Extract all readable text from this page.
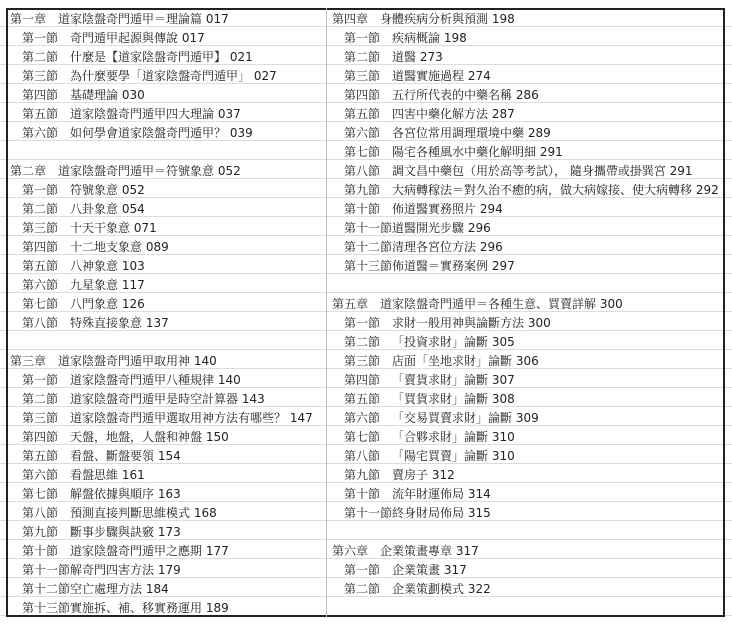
第一章 道家陰盤奇門遁甲＝理論篇 017
第一節 奇門遁甲起源與傳說 017
第二節 什麼是【道家陰盤奇門遁甲】 021
第三節 為什麼要學「道家陰盤奇門遁甲」 027
第四節 基礎理論 030
第五節 道家陰盤奇門遁甲四大理論 037
第六節 如何學會道家陰盤奇門遁甲？ 039
第二章 道家陰盤奇門遁甲＝符號象意 052
第一節 符號象意 052
第二節 八卦象意 054
第三節 十天干象意 071
第四節 十二地支象意 089
第五節 八神象意 103
第六節 九星象意 117
第七節 八門象意 126
第八節 特殊直接象意 137
第三章 道家陰盤奇門遁甲取用神 140
第一節 道家陰盤奇門遁甲八種規律 140
第二節 道家陰盤奇門遁甲是時空計算器 143
第三節 道家陰盤奇門遁甲選取用神方法有哪些？ 147
第四節 天盤，地盤，人盤和神盤 150
第五節 看盤、斷盤要領 154
第六節 看盤思維 161
第七節 解盤依據與順序 163
第八節 預測直接判斷思維模式 168
第九節 斷事步驟與訣竅 173
第十節 道家陰盤奇門遁甲之應期 177
第十一節解奇門四害方法 179
第十二節空亡處理方法 184
第十三節實施拆、補、移實務運用 189
第四章 身體疾病分析與預測 198
第一節 疾病概論 198
第二節 道醫 273
第三節 道醫實施過程 274
第四節 五行所代表的中藥名稱 286
第五節 四害中藥化解方法 287
第六節 各宮位常用調理環境中藥 289
第七節 陽宅各種風水中藥化解明細 291
第八節 調文昌中藥包（用於高等考試）， 隨身攜帶或掛巽宮 291
第九節 大病轉稼法＝對久治不癒的病，做大病嫁接、使大病轉移 292
第十節 佈道醫實務照片 294
第十一節道醫開光步驟 296
第十二節清理各宮位方法 296
第十三節佈道醫＝實務案例 297
第五章 道家陰盤奇門遁甲＝各種生意、買賣詳解 300
第一節 求財一般用神與論斷方法 300
第二節 「投資求財」論斷 305
第三節 店面「坐地求財」論斷 306
第四節 「賣貨求財」論斷 307
第五節 「買貨求財」論斷 308
第六節 「交易買賣求財」論斷 309
第七節 「合夥求財」論斷 310
第八節 「陽宅買賣」論斷 310
第九節 賣房子 312
第十節 流年財運佈局 314
第十一節終身財局佈局 315
第六章 企業策畫專章 317
第一節 企業策畫 317
第二節 企業策劃模式 322
